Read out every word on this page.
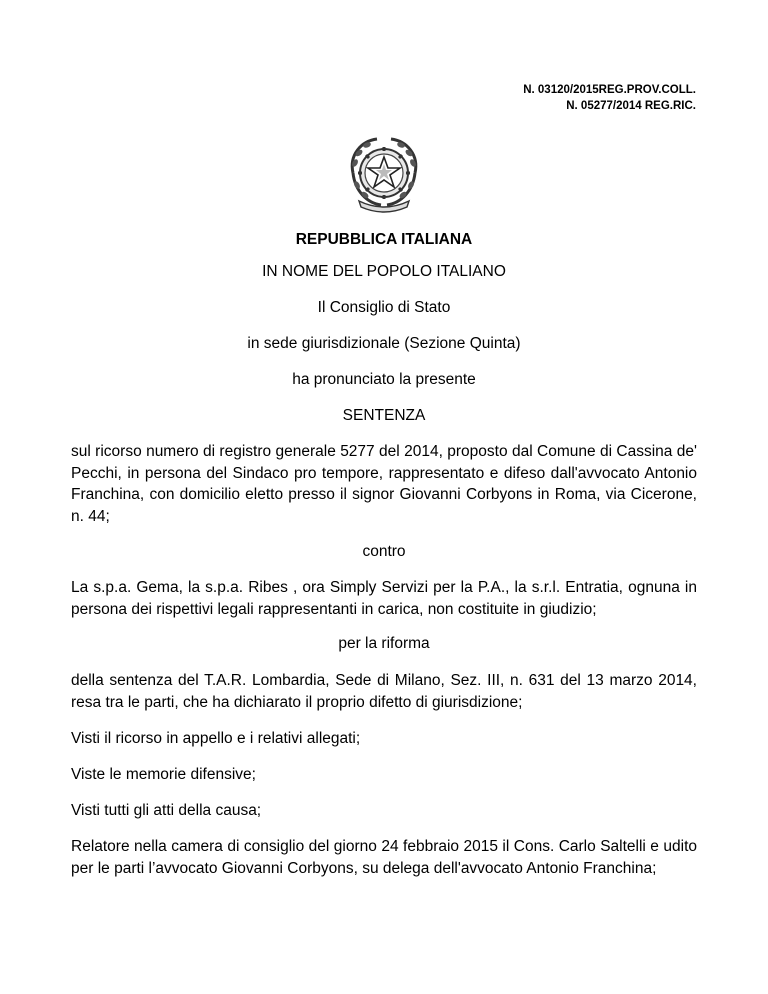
N. 03120/2015REG.PROV.COLL.
N. 05277/2014 REG.RIC.
REPUBBLICA ITALIANA
IN NOME DEL POPOLO ITALIANO
Il Consiglio di Stato
in sede giurisdizionale (Sezione Quinta)
ha pronunciato la presente
SENTENZA
sul ricorso numero di registro generale 5277 del 2014, proposto dal Comune di Cassina de' Pecchi, in persona del Sindaco pro tempore, rappresentato e difeso dall'avvocato Antonio Franchina, con domicilio eletto presso il signor Giovanni Corbyons in Roma, via Cicerone, n. 44;
contro
La s.p.a. Gema, la s.p.a. Ribes , ora Simply Servizi per la P.A., la s.r.l. Entratia, ognuna in persona dei rispettivi legali rappresentanti in carica, non costituite in giudizio;
per la riforma
della sentenza del T.A.R. Lombardia, Sede di Milano, Sez. III, n. 631 del 13 marzo 2014, resa tra le parti, che ha dichiarato il proprio difetto di giurisdizione;
Visti il ricorso in appello e i relativi allegati;
Viste le memorie difensive;
Visti tutti gli atti della causa;
Relatore nella camera di consiglio del giorno 24 febbraio 2015 il Cons. Carlo Saltelli e udito per le parti l’avvocato Giovanni Corbyons, su delega dell'avvocato Antonio Franchina;
